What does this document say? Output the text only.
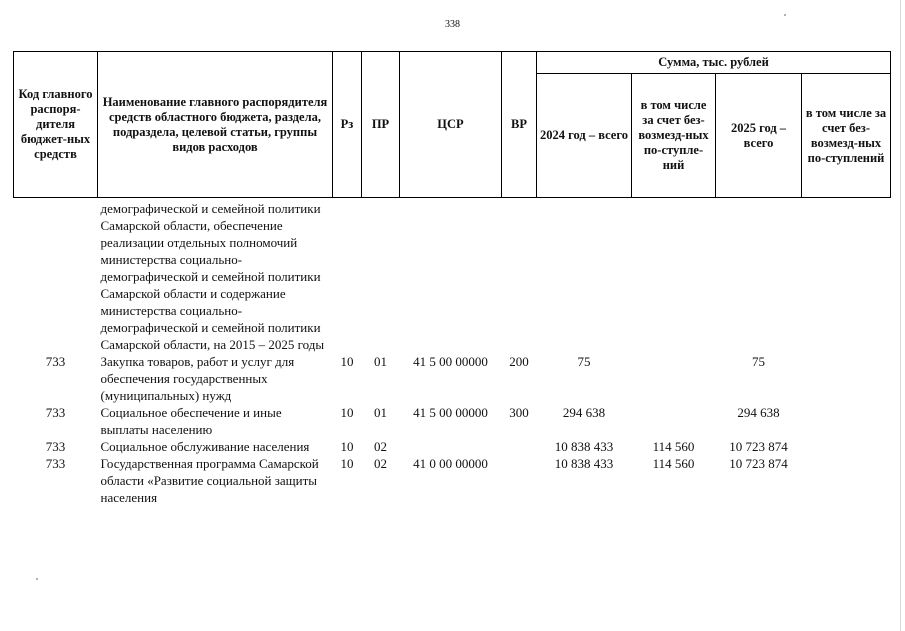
338
Код главного распоря-дителя бюджет-ных средств	Наименование главного распорядителя средств областного бюджета, раздела, подраздела, целевой статьи, группы видов расходов	Рз	ПР	ЦСР	ВР	Сумма, тыс. рублей			
						2024 год – всего	в том числе за счет без-возмезд-ных по-ступле-ний	2025 год – всего	в том числе за счет без-возмезд-ных по-ступлений
	демографической и семейной политики Самарской области, обеспечение реализации отдельных полномочий министерства социально-демографической и семейной политики Самарской области и содержание министерства социально-демографической и семейной политики Самарской области, на 2015 – 2025 годы								
733	Закупка товаров, работ и услуг для обеспечения государственных (муниципальных) нужд	10	01	41 5 00 00000	200	75		75	
733	Социальное обеспечение и иные выплаты населению	10	01	41 5 00 00000	300	294 638		294 638	
733	Социальное обслуживание населения	10	02			10 838 433	114 560	10 723 874	
733	Государственная программа Самарской области «Развитие социальной защиты населения	10	02	41 0 00 00000		10 838 433	114 560	10 723 874	
